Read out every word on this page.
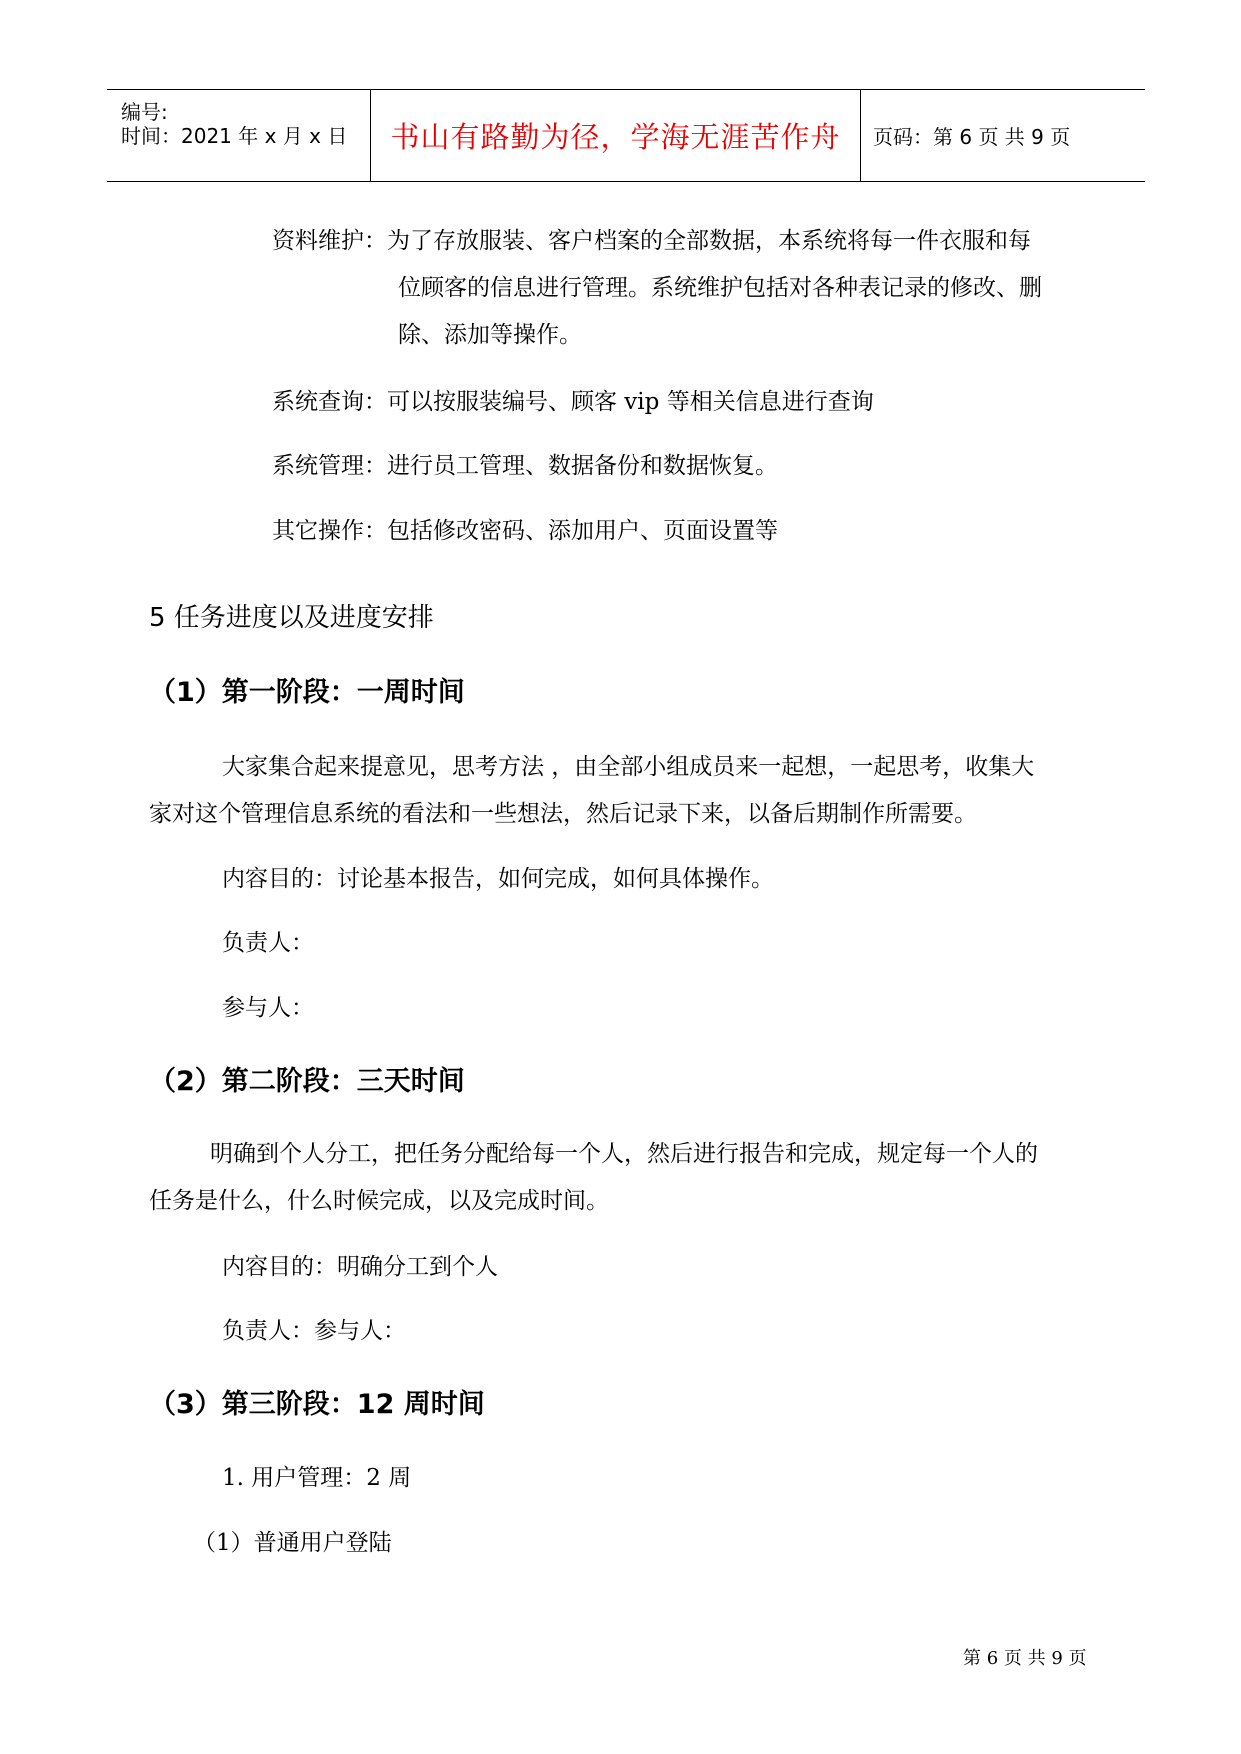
编号:
时间：2021 年 x 月 x 日 书山有路勤为径，学海无涯苦作舟 页码：第 6 页 共 9 页
资料维护：为了存放服装、客户档案的全部数据，本系统将每一件衣服和每
位顾客的信息进行管理。系统维护包括对各种表记录的修改、删
除、添加等操作。
系统查询：可以按服装编号、顾客 vip 等相关信息进行查询
系统管理：进行员工管理、数据备份和数据恢复。
其它操作：包括修改密码、添加用户、页面设置等
5 任务进度以及进度安排
（1）第一阶段：一周时间
大家集合起来提意见，思考方法 ，由全部小组成员来一起想，一起思考，收集大
家对这个管理信息系统的看法和一些想法，然后记录下来，以备后期制作所需要。
内容目的：讨论基本报告，如何完成，如何具体操作。
负责人：
参与人：
（2）第二阶段：三天时间
明确到个人分工，把任务分配给每一个人，然后进行报告和完成，规定每一个人的
任务是什么，什么时候完成，以及完成时间。
内容目的：明确分工到个人
负责人：参与人：
（3）第三阶段：12 周时间
1. 用户管理：2 周
（1）普通用户登陆
第 6 页 共 9 页
